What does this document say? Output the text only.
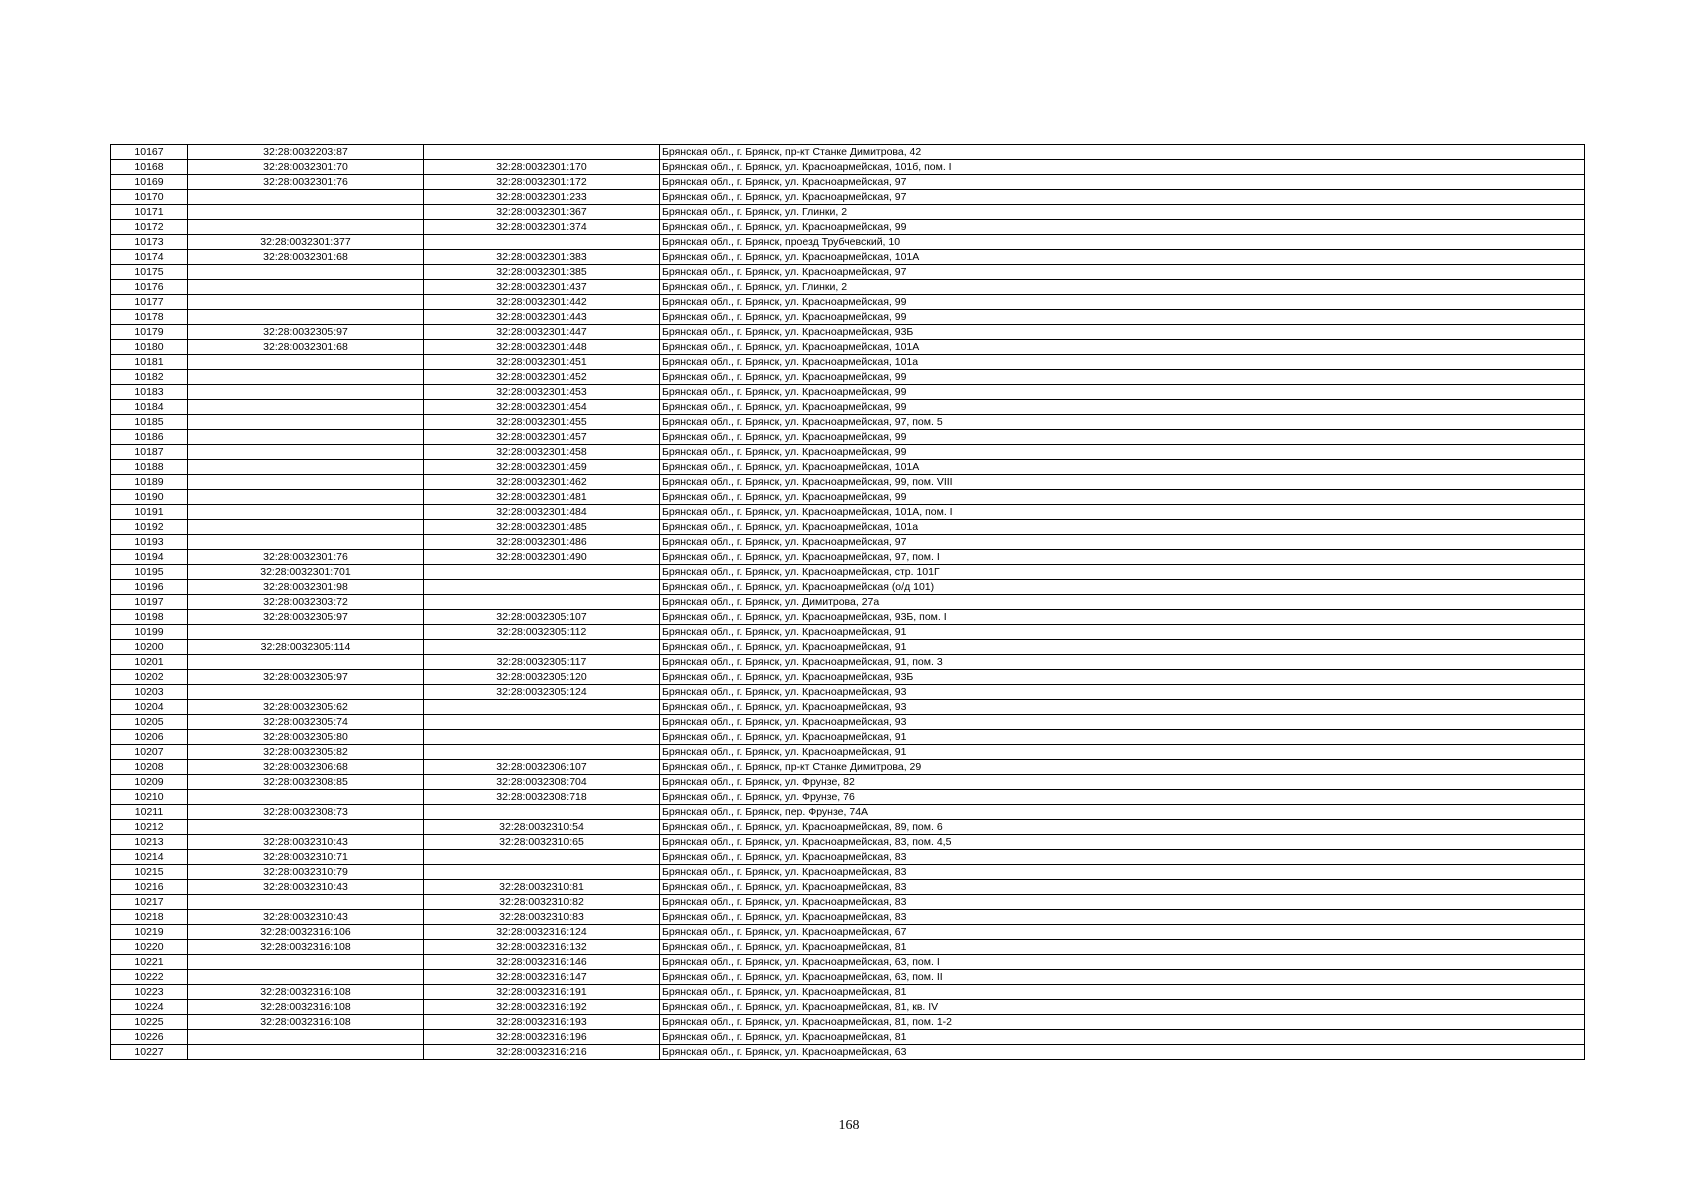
10167	32:28:0032203:87		Брянская обл., г. Брянск, пр-кт Станке Димитрова, 42
10168	32:28:0032301:70	32:28:0032301:170	Брянская обл., г. Брянск, ул. Красноармейская, 101б, пом. I
10169	32:28:0032301:76	32:28:0032301:172	Брянская обл., г. Брянск, ул. Красноармейская, 97
10170		32:28:0032301:233	Брянская обл., г. Брянск, ул. Красноармейская, 97
10171		32:28:0032301:367	Брянская обл., г. Брянск, ул. Глинки, 2
10172		32:28:0032301:374	Брянская обл., г. Брянск, ул. Красноармейская, 99
10173	32:28:0032301:377		Брянская обл., г. Брянск, проезд Трубчевский, 10
10174	32:28:0032301:68	32:28:0032301:383	Брянская обл., г. Брянск, ул. Красноармейская, 101А
10175		32:28:0032301:385	Брянская обл., г. Брянск, ул. Красноармейская, 97
10176		32:28:0032301:437	Брянская обл., г. Брянск, ул. Глинки, 2
10177		32:28:0032301:442	Брянская обл., г. Брянск, ул. Красноармейская, 99
10178		32:28:0032301:443	Брянская обл., г. Брянск, ул. Красноармейская, 99
10179	32:28:0032305:97	32:28:0032301:447	Брянская обл., г. Брянск, ул. Красноармейская, 93Б
10180	32:28:0032301:68	32:28:0032301:448	Брянская обл., г. Брянск, ул. Красноармейская, 101А
10181		32:28:0032301:451	Брянская обл., г. Брянск, ул. Красноармейская, 101а
10182		32:28:0032301:452	Брянская обл., г. Брянск, ул. Красноармейская, 99
10183		32:28:0032301:453	Брянская обл., г. Брянск, ул. Красноармейская, 99
10184		32:28:0032301:454	Брянская обл., г. Брянск, ул. Красноармейская, 99
10185		32:28:0032301:455	Брянская обл., г. Брянск, ул. Красноармейская, 97, пом. 5
10186		32:28:0032301:457	Брянская обл., г. Брянск, ул. Красноармейская, 99
10187		32:28:0032301:458	Брянская обл., г. Брянск, ул. Красноармейская, 99
10188		32:28:0032301:459	Брянская обл., г. Брянск, ул. Красноармейская, 101А
10189		32:28:0032301:462	Брянская обл., г. Брянск, ул. Красноармейская, 99, пом. VIII
10190		32:28:0032301:481	Брянская обл., г. Брянск, ул. Красноармейская, 99
10191		32:28:0032301:484	Брянская обл., г. Брянск, ул. Красноармейская, 101А, пом. I
10192		32:28:0032301:485	Брянская обл., г. Брянск, ул. Красноармейская, 101а
10193		32:28:0032301:486	Брянская обл., г. Брянск, ул. Красноармейская, 97
10194	32:28:0032301:76	32:28:0032301:490	Брянская обл., г. Брянск, ул. Красноармейская, 97, пом. I
10195	32:28:0032301:701		Брянская обл., г. Брянск, ул. Красноармейская, стр. 101Г
10196	32:28:0032301:98		Брянская обл., г. Брянск, ул. Красноармейская (о/д 101)
10197	32:28:0032303:72		Брянская обл., г. Брянск, ул. Димитрова, 27а
10198	32:28:0032305:97	32:28:0032305:107	Брянская обл., г. Брянск, ул. Красноармейская, 93Б, пом. I
10199		32:28:0032305:112	Брянская обл., г. Брянск, ул. Красноармейская, 91
10200	32:28:0032305:114		Брянская обл., г. Брянск, ул. Красноармейская, 91
10201		32:28:0032305:117	Брянская обл., г. Брянск, ул. Красноармейская, 91, пом. 3
10202	32:28:0032305:97	32:28:0032305:120	Брянская обл., г. Брянск, ул. Красноармейская, 93Б
10203		32:28:0032305:124	Брянская обл., г. Брянск, ул. Красноармейская, 93
10204	32:28:0032305:62		Брянская обл., г. Брянск, ул. Красноармейская, 93
10205	32:28:0032305:74		Брянская обл., г. Брянск, ул. Красноармейская, 93
10206	32:28:0032305:80		Брянская обл., г. Брянск, ул. Красноармейская, 91
10207	32:28:0032305:82		Брянская обл., г. Брянск, ул. Красноармейская, 91
10208	32:28:0032306:68	32:28:0032306:107	Брянская обл., г. Брянск, пр-кт Станке Димитрова, 29
10209	32:28:0032308:85	32:28:0032308:704	Брянская обл., г. Брянск, ул. Фрунзе, 82
10210		32:28:0032308:718	Брянская обл., г. Брянск, ул. Фрунзе, 76
10211	32:28:0032308:73		Брянская обл., г. Брянск, пер. Фрунзе, 74А
10212		32:28:0032310:54	Брянская обл., г. Брянск, ул. Красноармейская, 89, пом. 6
10213	32:28:0032310:43	32:28:0032310:65	Брянская обл., г. Брянск, ул. Красноармейская, 83, пом. 4,5
10214	32:28:0032310:71		Брянская обл., г. Брянск, ул. Красноармейская, 83
10215	32:28:0032310:79		Брянская обл., г. Брянск, ул. Красноармейская, 83
10216	32:28:0032310:43	32:28:0032310:81	Брянская обл., г. Брянск, ул. Красноармейская, 83
10217		32:28:0032310:82	Брянская обл., г. Брянск, ул. Красноармейская, 83
10218	32:28:0032310:43	32:28:0032310:83	Брянская обл., г. Брянск, ул. Красноармейская, 83
10219	32:28:0032316:106	32:28:0032316:124	Брянская обл., г. Брянск, ул. Красноармейская, 67
10220	32:28:0032316:108	32:28:0032316:132	Брянская обл., г. Брянск, ул. Красноармейская, 81
10221		32:28:0032316:146	Брянская обл., г. Брянск, ул. Красноармейская, 63, пом. I
10222		32:28:0032316:147	Брянская обл., г. Брянск, ул. Красноармейская, 63, пом. II
10223	32:28:0032316:108	32:28:0032316:191	Брянская обл., г. Брянск, ул. Красноармейская, 81
10224	32:28:0032316:108	32:28:0032316:192	Брянская обл., г. Брянск, ул. Красноармейская, 81, кв. IV
10225	32:28:0032316:108	32:28:0032316:193	Брянская обл., г. Брянск, ул. Красноармейская, 81, пом. 1-2
10226		32:28:0032316:196	Брянская обл., г. Брянск, ул. Красноармейская, 81
10227		32:28:0032316:216	Брянская обл., г. Брянск, ул. Красноармейская, 63
168
